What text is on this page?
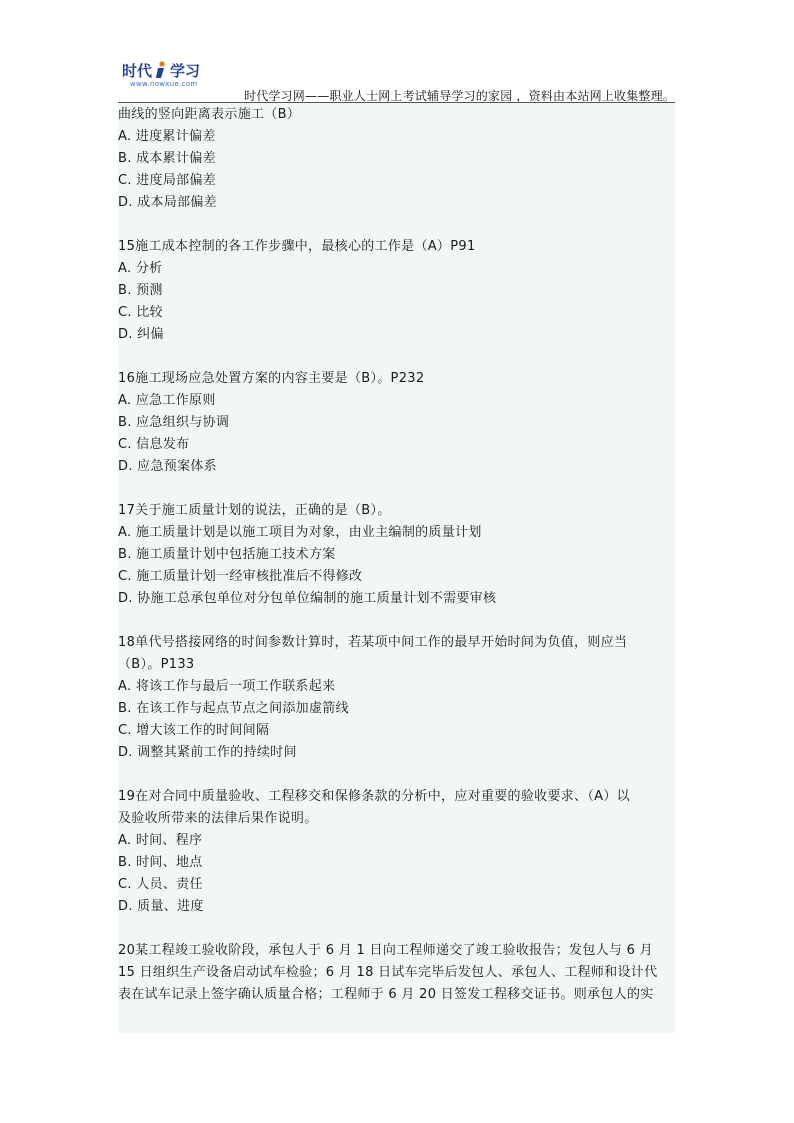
时代 学习
www.nowxue.com
时代学习网——职业人士网上考试辅导学习的家园 ，资料由本站网上收集整理。
曲线的竖向距离表示施工（B）
A. 进度累计偏差
B. 成本累计偏差
C. 进度局部偏差
D. 成本局部偏差
15施工成本控制的各工作步骤中，最核心的工作是（A）P91
A. 分析
B. 预测
C. 比较
D. 纠偏
16施工现场应急处置方案的内容主要是（B）。P232
A. 应急工作原则
B. 应急组织与协调
C. 信息发布
D. 应急预案体系
17关于施工质量计划的说法，正确的是（B）。
A. 施工质量计划是以施工项目为对象，由业主编制的质量计划
B. 施工质量计划中包括施工技术方案
C. 施工质量计划一经审核批准后不得修改
D. 协施工总承包单位对分包单位编制的施工质量计划不需要审核
18单代号搭接网络的时间参数计算时，若某项中间工作的最早开始时间为负值，则应当
（B）。P133
A. 将该工作与最后一项工作联系起来
B. 在该工作与起点节点之间添加虚箭线
C. 增大该工作的时间间隔
D. 调整其紧前工作的持续时间
19在对合同中质量验收、工程移交和保修条款的分析中，应对重要的验收要求、（A）以
及验收所带来的法律后果作说明。
A. 时间、程序
B. 时间、地点
C. 人员、责任
D. 质量、进度
20某工程竣工验收阶段，承包人于 6 月 1 日向工程师递交了竣工验收报告；发包人与 6 月
15 日组织生产设备启动试车检验；6 月 18 日试车完毕后发包人、承包人、工程师和设计代
表在试车记录上签字确认质量合格；工程师于 6 月 20 日签发工程移交证书。则承包人的实
